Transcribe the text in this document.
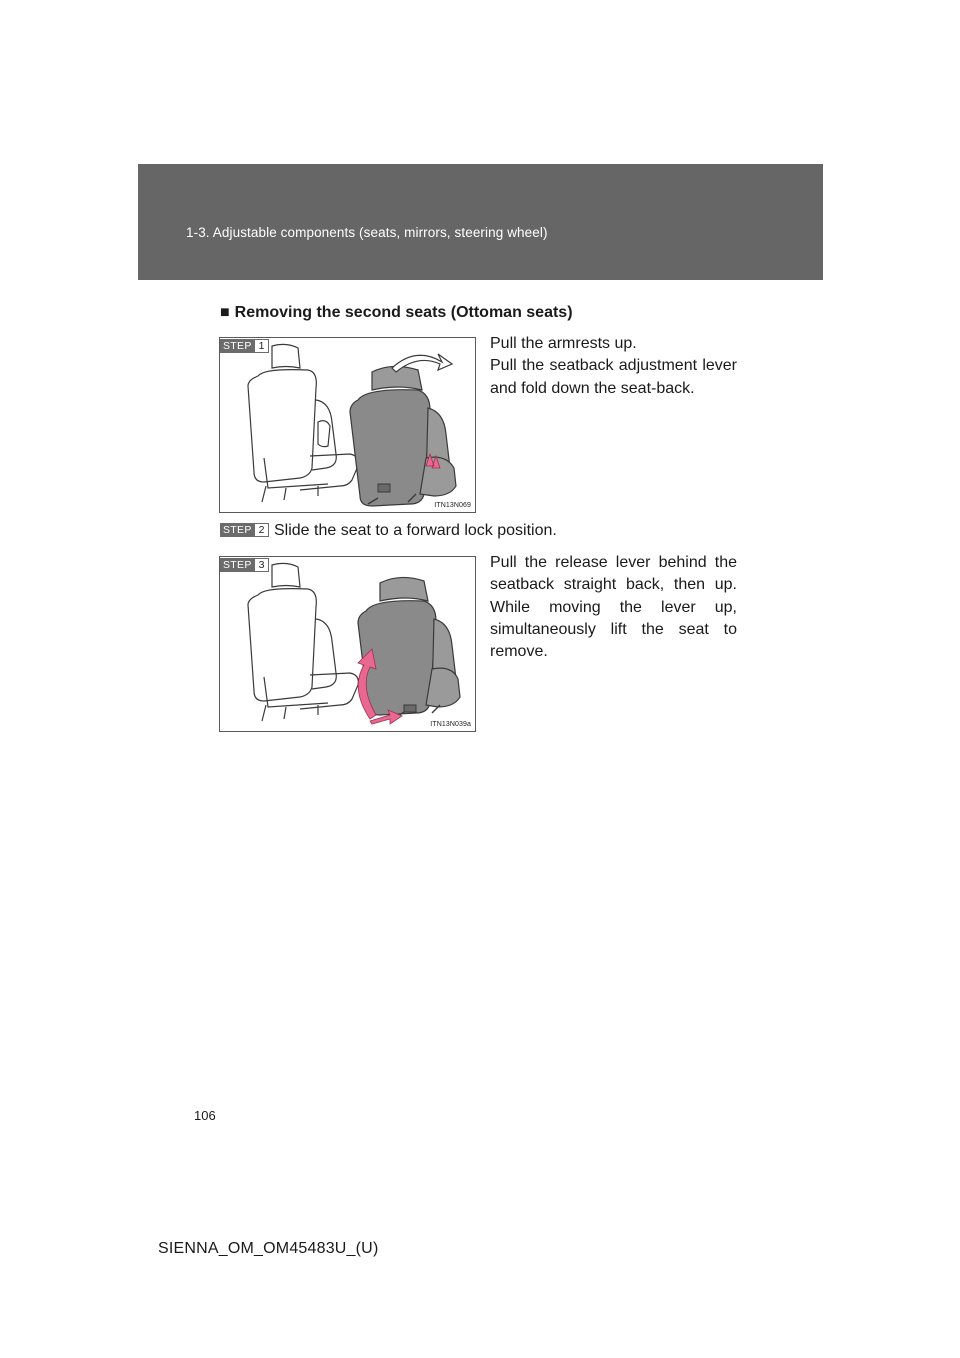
1-3. Adjustable components (seats, mirrors, steering wheel)
■ Removing the second seats (Ottoman seats)
ITN13N069
STEP 1	Pull the armrests up.
Pull the seatback adjustment lever and fold down the seat-back.
STEP 2 Slide the seat to a forward lock position.
ITN13N039a
STEP 3	Pull the release lever behind the seatback straight back, then up. While moving the lever up, simultaneously lift the seat to remove.
106
SIENNA_OM_OM45483U_(U)
